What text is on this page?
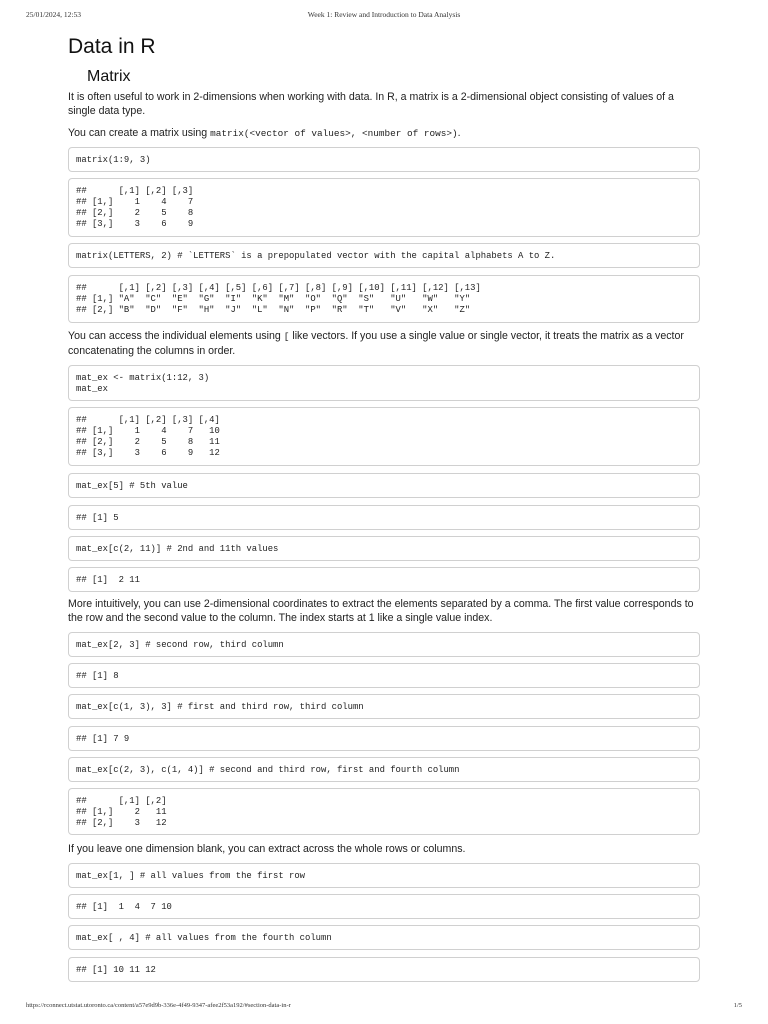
25/01/2024, 12:53	Week 1: Review and Introduction to Data Analysis
Data in R
Matrix

It is often useful to work in 2-dimensions when working with data. In R, a matrix is a 2-dimensional object consisting of values of a single data type.

You can create a matrix using matrix(<vector of values>, <number of rows>).

matrix(1:9, 3)
##      [,1] [,2] [,3]
## [1,]    1    4    7
## [2,]    2    5    8
## [3,]    3    6    9
matrix(LETTERS, 2) # `LETTERS` is a prepopulated vector with the capital alphabets A to Z.
##      [,1] [,2] [,3] [,4] [,5] [,6] [,7] [,8] [,9] [,10] [,11] [,12] [,13]
## [1,] "A"  "C"  "E"  "G"  "I"  "K"  "M"  "O"  "Q"  "S"   "U"   "W"   "Y"
## [2,] "B"  "D"  "F"  "H"  "J"  "L"  "N"  "P"  "R"  "T"   "V"   "X"   "Z"

You can access the individual elements using [ like vectors. If you use a single value or single vector, it treats the matrix as a vector concatenating the columns in order.

mat_ex <- matrix(1:12, 3)
mat_ex
##      [,1] [,2] [,3] [,4]
## [1,]    1    4    7   10
## [2,]    2    5    8   11
## [3,]    3    6    9   12
mat_ex[5] # 5th value
## [1] 5
mat_ex[c(2, 11)] # 2nd and 11th values
## [1]  2 11

More intuitively, you can use 2-dimensional coordinates to extract the elements separated by a comma. The first value corresponds to the row and the second value to the column. The index starts at 1 like a single value index.

mat_ex[2, 3] # second row, third column
## [1] 8
mat_ex[c(1, 3), 3] # first and third row, third column
## [1] 7 9
mat_ex[c(2, 3), c(1, 4)] # second and third row, first and fourth column
##      [,1] [,2]
## [1,]    2   11
## [2,]    3   12

If you leave one dimension blank, you can extract across the whole rows or columns.

mat_ex[1, ] # all values from the first row
## [1]  1  4  7 10
mat_ex[ , 4] # all values from the fourth column
## [1] 10 11 12
https://rconnect.utstat.utoronto.ca/content/a57e9d9b-336e-4f49-9347-afee2f53a192/#section-data-in-r	1/5
